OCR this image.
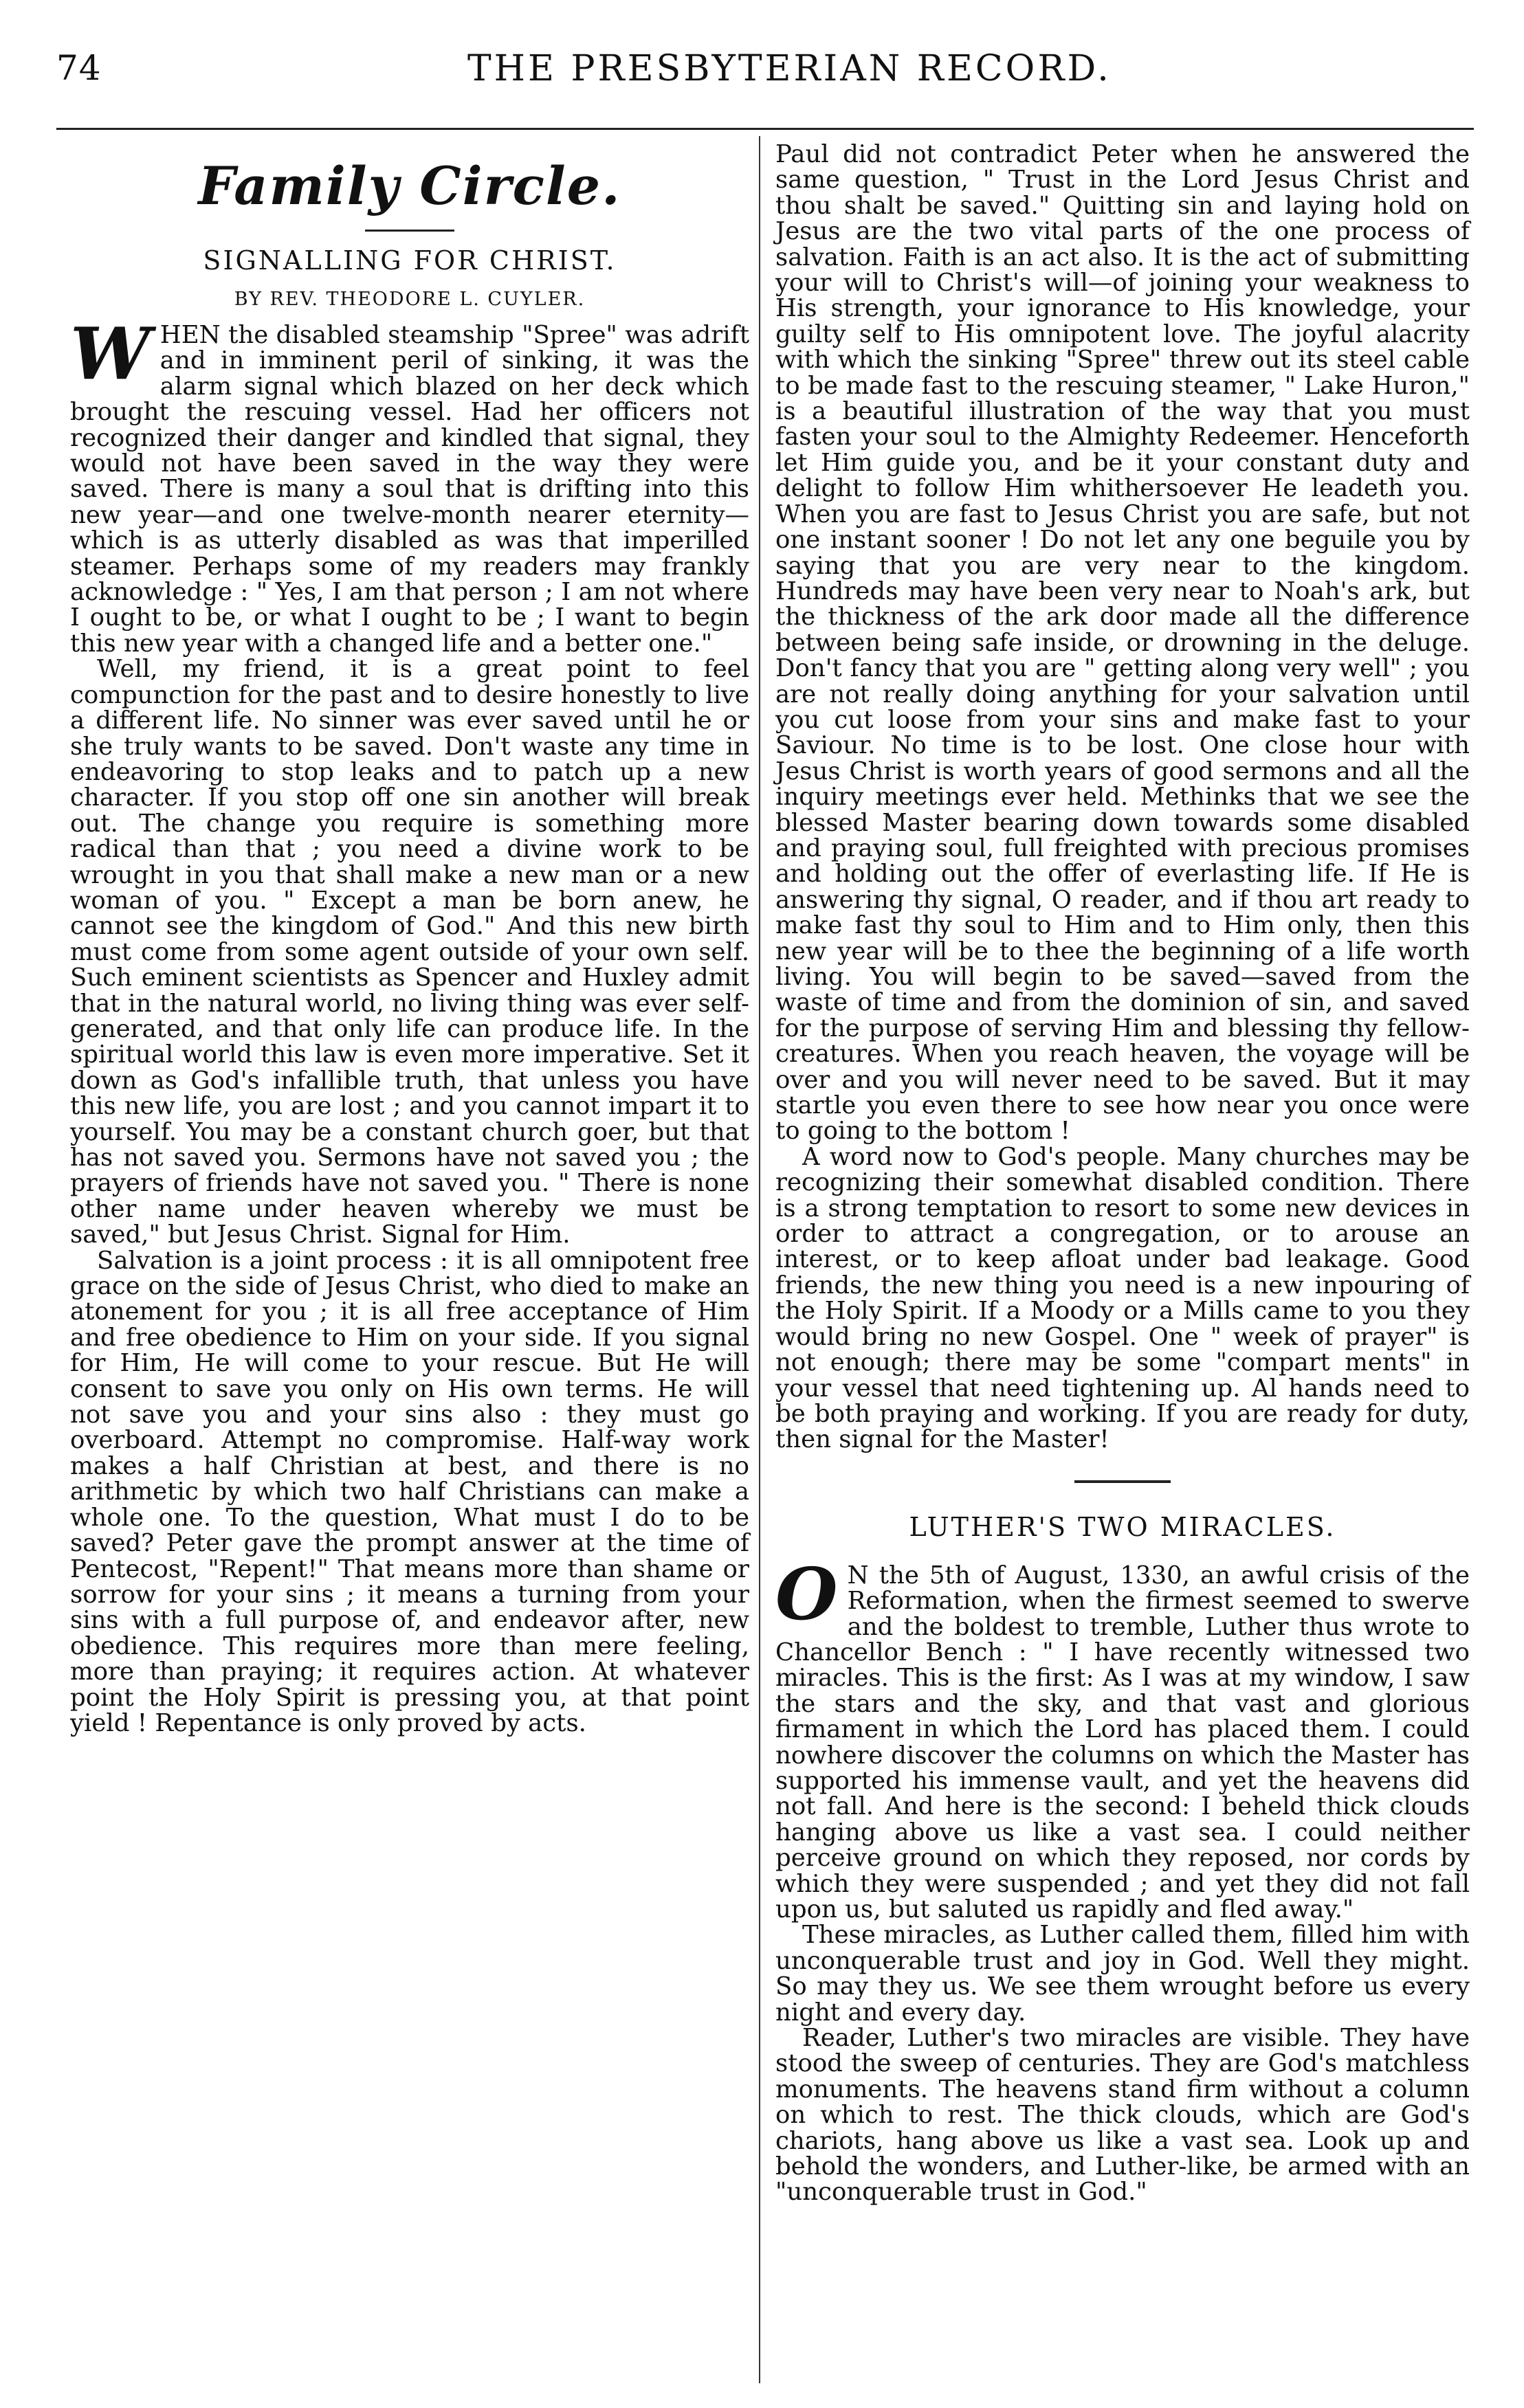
74	THE PRESBYTERIAN RECORD.
Family Circle.
SIGNALLING FOR CHRIST.
BY REV. THEODORE L. CUYLER.

WHEN the disabled steamship "Spree" was adrift and in imminent peril of sinking, it was the alarm signal which blazed on her deck which brought the rescuing vessel. Had her officers not recognized their danger and kindled that signal, they would not have been saved in the way they were saved. There is many a soul that is drifting into this new year—and one twelve-month nearer eternity—which is as utterly disabled as was that imperilled steamer. Perhaps some of my readers may frankly acknowledge : " Yes, I am that person ; I am not where I ought to be, or what I ought to be ; I want to begin this new year with a changed life and a better one."

Well, my friend, it is a great point to feel compunction for the past and to desire honestly to live a different life. No sinner was ever saved until he or she truly wants to be saved. Don't waste any time in endeavoring to stop leaks and to patch up a new character. If you stop off one sin another will break out. The change you require is something more radical than that ; you need a divine work to be wrought in you that shall make a new man or a new woman of you. " Except a man be born anew, he cannot see the kingdom of God." And this new birth must come from some agent outside of your own self. Such eminent scientists as Spencer and Huxley admit that in the natural world, no living thing was ever self-generated, and that only life can produce life. In the spiritual world this law is even more imperative. Set it down as God's infallible truth, that unless you have this new life, you are lost ; and you cannot impart it to yourself. You may be a constant church goer, but that has not saved you. Sermons have not saved you ; the prayers of friends have not saved you. " There is none other name under heaven whereby we must be saved," but Jesus Christ. Signal for Him.

Salvation is a joint process : it is all omnipotent free grace on the side of Jesus Christ, who died to make an atonement for you ; it is all free acceptance of Him and free obedience to Him on your side. If you signal for Him, He will come to your rescue. But He will consent to save you only on His own terms. He will not save you and your sins also : they must go overboard. Attempt no compromise. Half-way work makes a half Christian at best, and there is no arithmetic by which two half Christians can make a whole one. To the question, What must I do to be saved? Peter gave the prompt answer at the time of Pentecost, "Repent!" That means more than shame or sorrow for your sins ; it means a turning from your sins with a full purpose of, and endeavor after, new obedience. This requires more than mere feeling, more than praying; it requires action. At whatever point the Holy Spirit is pressing you, at that point yield ! Repentance is only proved by acts.

Paul did not contradict Peter when he answered the same question, " Trust in the Lord Jesus Christ and thou shalt be saved." Quitting sin and laying hold on Jesus are the two vital parts of the one process of salvation. Faith is an act also. It is the act of submitting your will to Christ's will—of joining your weakness to His strength, your ignorance to His knowledge, your guilty self to His omnipotent love. The joyful alacrity with which the sinking "Spree" threw out its steel cable to be made fast to the rescuing steamer, " Lake Huron," is a beautiful illustration of the way that you must fasten your soul to the Almighty Redeemer. Henceforth let Him guide you, and be it your constant duty and delight to follow Him whithersoever He leadeth you. When you are fast to Jesus Christ you are safe, but not one instant sooner ! Do not let any one beguile you by saying that you are very near to the kingdom. Hundreds may have been very near to Noah's ark, but the thickness of the ark door made all the difference between being safe inside, or drowning in the deluge. Don't fancy that you are " getting along very well" ; you are not really doing anything for your salvation until you cut loose from your sins and make fast to your Saviour. No time is to be lost. One close hour with Jesus Christ is worth years of good sermons and all the inquiry meetings ever held. Methinks that we see the blessed Master bearing down towards some disabled and praying soul, full freighted with precious promises and holding out the offer of everlasting life. If He is answering thy signal, O reader, and if thou art ready to make fast thy soul to Him and to Him only, then this new year will be to thee the beginning of a life worth living. You will begin to be saved—saved from the waste of time and from the dominion of sin, and saved for the purpose of serving Him and blessing thy fellow-creatures. When you reach heaven, the voyage will be over and you will never need to be saved. But it may startle you even there to see how near you once were to going to the bottom !

A word now to God's people. Many churches may be recognizing their somewhat disabled condition. There is a strong temptation to resort to some new devices in order to attract a congregation, or to arouse an interest, or to keep afloat under bad leakage. Good friends, the new thing you need is a new inpouring of the Holy Spirit. If a Moody or a Mills came to you they would bring no new Gospel. One " week of prayer" is not enough; there may be some "compart ments" in your vessel that need tightening up. Al hands need to be both praying and working. If you are ready for duty, then signal for the Master!

LUTHER'S TWO MIRACLES.

O N the 5th of August, 1330, an awful crisis of the Reformation, when the firmest seemed to swerve and the boldest to tremble, Luther thus wrote to Chancellor Bench : " I have recently witnessed two miracles. This is the first: As I was at my window, I saw the stars and the sky, and that vast and glorious firmament in which the Lord has placed them. I could nowhere discover the columns on which the Master has supported his immense vault, and yet the heavens did not fall. And here is the second: I beheld thick clouds hanging above us like a vast sea. I could neither perceive ground on which they reposed, nor cords by which they were suspended ; and yet they did not fall upon us, but saluted us rapidly and fled away."

These miracles, as Luther called them, filled him with unconquerable trust and joy in God. Well they might. So may they us. We see them wrought before us every night and every day.

Reader, Luther's two miracles are visible. They have stood the sweep of centuries. They are God's matchless monuments. The heavens stand firm without a column on which to rest. The thick clouds, which are God's chariots, hang above us like a vast sea. Look up and behold the wonders, and Luther-like, be armed with an "unconquerable trust in God."
